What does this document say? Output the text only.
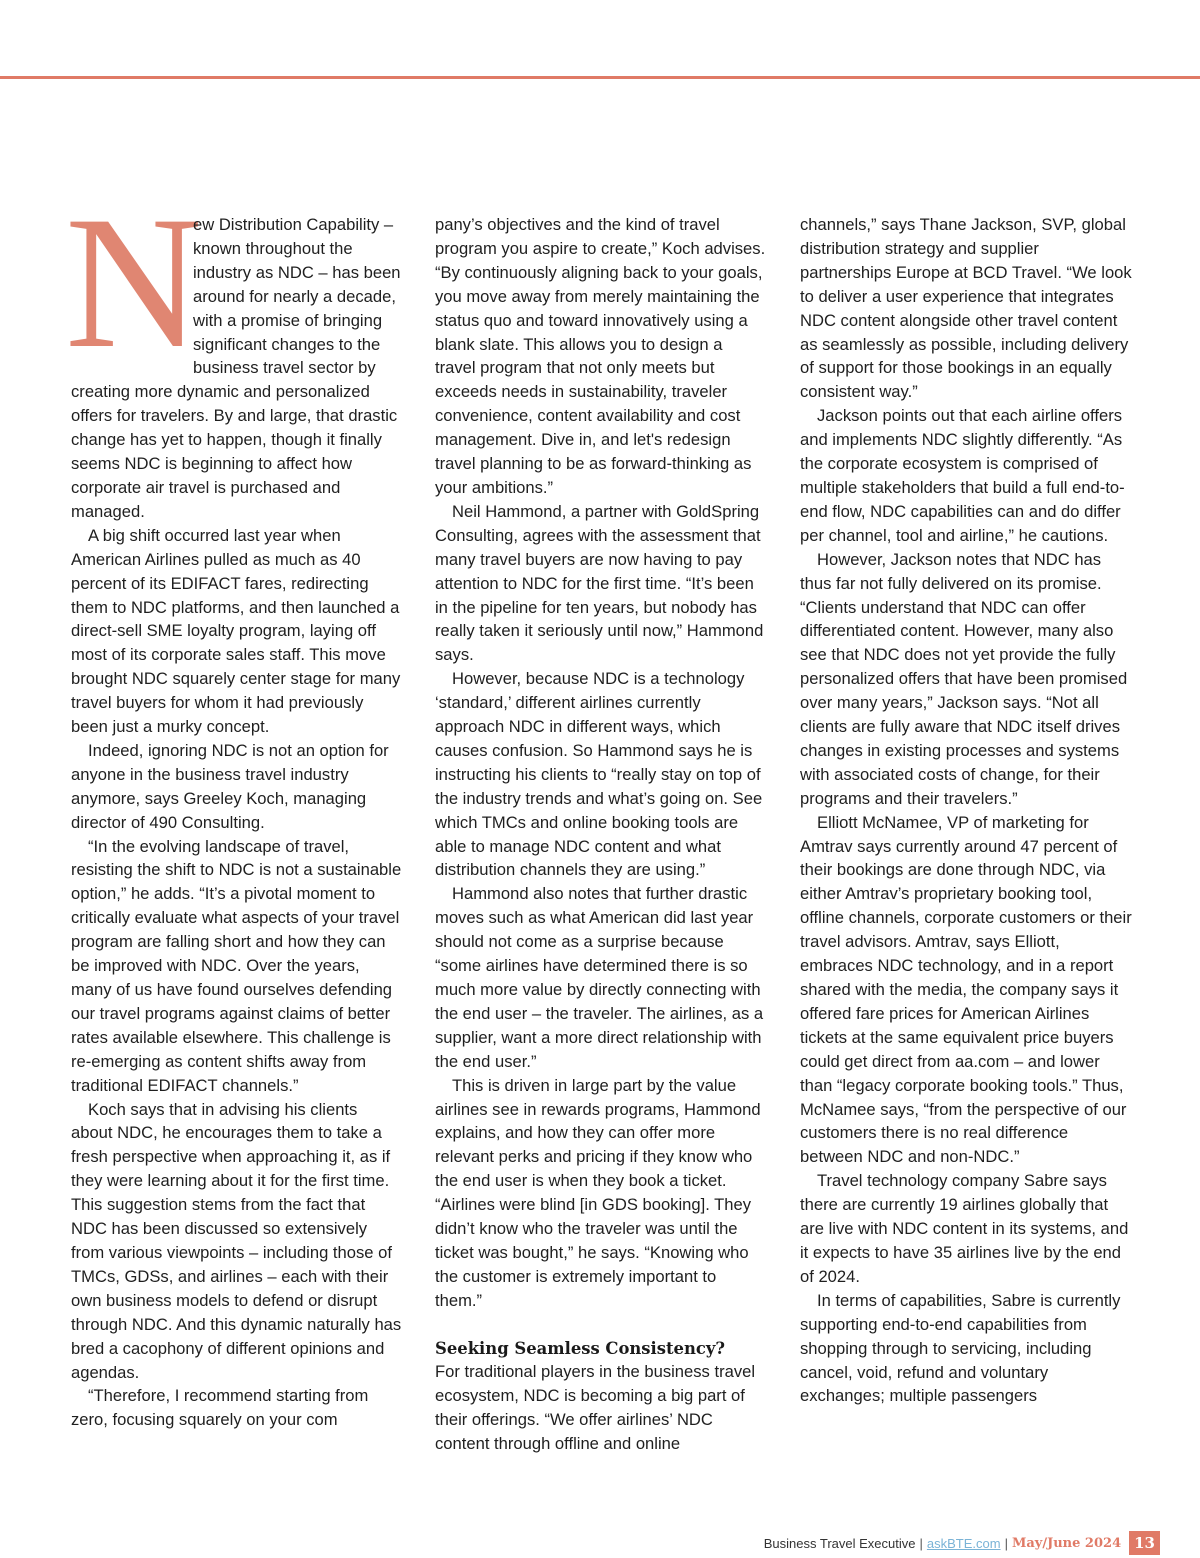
N

ew Distribution Capability – known throughout the industry as NDC – has been around for nearly a decade, with a promise of bringing significant changes to the business travel sector by creating more dynamic and personalized offers for travelers. By and large, that drastic change has yet to happen, though it finally seems NDC is beginning to affect how corporate air travel is purchased and managed.

A big shift occurred last year when American Airlines pulled as much as 40 percent of its EDIFACT fares, redirecting them to NDC platforms, and then launched a direct-sell SME loyalty program, laying off most of its corporate sales staff. This move brought NDC squarely center stage for many travel buyers for whom it had previously been just a murky concept.

Indeed, ignoring NDC is not an option for anyone in the business travel industry anymore, says Greeley Koch, managing director of 490 Consulting.

“In the evolving landscape of travel, resisting the shift to NDC is not a sustainable option,” he adds. “It’s a pivotal moment to critically evaluate what aspects of your travel program are falling short and how they can be improved with NDC. Over the years, many of us have found ourselves defending our travel programs against claims of better rates available elsewhere. This challenge is re-emerging as content shifts away from traditional EDIFACT channels.”

Koch says that in advising his clients about NDC, he encourages them to take a fresh perspective when approaching it, as if they were learning about it for the first time. This suggestion stems from the fact that NDC has been discussed so extensively from various viewpoints – including those of TMCs, GDSs, and airlines – each with their own business models to defend or disrupt through NDC. And this dynamic naturally has bred a cacophony of different opinions and agendas.

“Therefore, I recommend starting from zero, focusing squarely on your com

pany’s objectives and the kind of travel program you aspire to create,” Koch advises. “By continuously aligning back to your goals, you move away from merely maintaining the status quo and toward innovatively using a blank slate. This allows you to design a travel program that not only meets but exceeds needs in sustainability, traveler convenience, content availability and cost management. Dive in, and let's redesign travel planning to be as forward-thinking as your ambitions.”

Neil Hammond, a partner with GoldSpring Consulting, agrees with the assessment that many travel buyers are now having to pay attention to NDC for the first time. “It’s been in the pipeline for ten years, but nobody has really taken it seriously until now,” Hammond says.

However, because NDC is a technology ‘standard,’ different airlines currently approach NDC in different ways, which causes confusion. So Hammond says he is instructing his clients to “really stay on top of the industry trends and what’s going on. See which TMCs and online booking tools are able to manage NDC content and what distribution channels they are using.”

Hammond also notes that further drastic moves such as what American did last year should not come as a surprise because “some airlines have determined there is so much more value by directly connecting with the end user – the traveler. The airlines, as a supplier, want a more direct relationship with the end user.”

This is driven in large part by the value airlines see in rewards programs, Hammond explains, and how they can offer more relevant perks and pricing if they know who the end user is when they book a ticket. “Airlines were blind [in GDS booking]. They didn’t know who the traveler was until the ticket was bought,” he says. “Knowing who the customer is extremely important to them.”

Seeking Seamless Consistency?

For traditional players in the business travel ecosystem, NDC is becoming a big part of their offerings. “We offer airlines’ NDC content through offline and online

channels,” says Thane Jackson, SVP, global distribution strategy and supplier partnerships Europe at BCD Travel. “We look to deliver a user experience that integrates NDC content alongside other travel content as seamlessly as possible, including delivery of support for those bookings in an equally consistent way.”

Jackson points out that each airline offers and implements NDC slightly differently. “As the corporate ecosystem is comprised of multiple stakeholders that build a full end-to-end flow, NDC capabilities can and do differ per channel, tool and airline,” he cautions.

However, Jackson notes that NDC has thus far not fully delivered on its promise. “Clients understand that NDC can offer differentiated content. However, many also see that NDC does not yet provide the fully personalized offers that have been promised over many years,” Jackson says. “Not all clients are fully aware that NDC itself drives changes in existing processes and systems with associated costs of change, for their programs and their travelers.”

Elliott McNamee, VP of marketing for Amtrav says currently around 47 percent of their bookings are done through NDC, via either Amtrav’s proprietary booking tool, offline channels, corporate customers or their travel advisors. Amtrav, says Elliott, embraces NDC technology, and in a report shared with the media, the company says it offered fare prices for American Airlines tickets at the same equivalent price buyers could get direct from aa.com – and lower than “legacy corporate booking tools.” Thus, McNamee says, “from the perspective of our customers there is no real difference between NDC and non-NDC.”

Travel technology company Sabre says there are currently 19 airlines globally that are live with NDC content in its systems, and it expects to have 35 airlines live by the end of 2024.

In terms of capabilities, Sabre is currently supporting end-to-end capabilities from shopping through to servicing, including cancel, void, refund and voluntary exchanges; multiple passengers

Business Travel Executive | askBTE.com | May/June 2024 13
